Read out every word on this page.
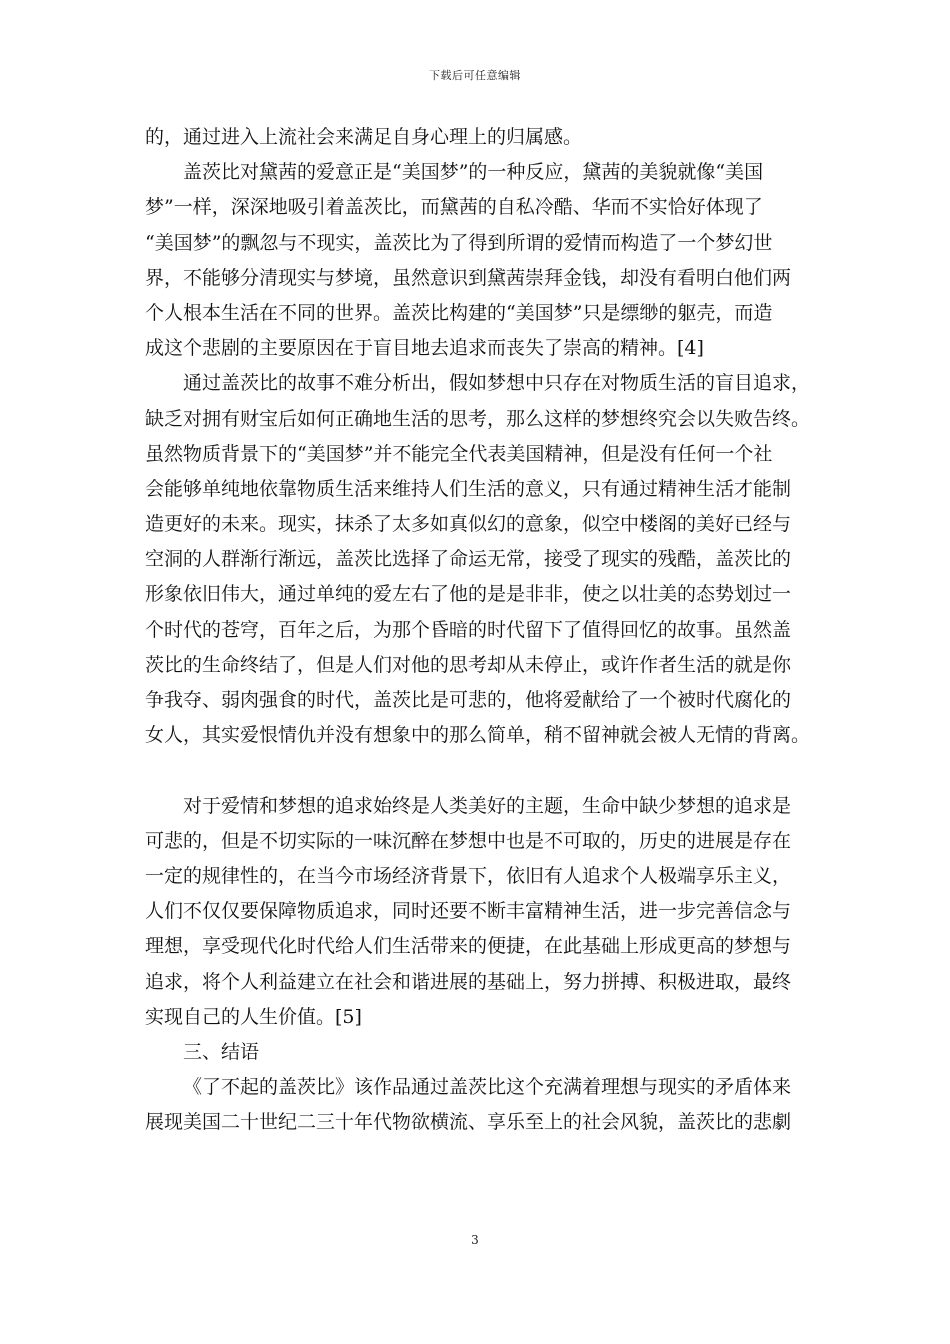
下载后可任意编辑
的，通过进入上流社会来满足自身心理上的归属感。
盖茨比对黛茜的爱意正是“美国梦”的一种反应，黛茜的美貌就像“美国
梦”一样，深深地吸引着盖茨比，而黛茜的自私冷酷、华而不实恰好体现了
“美国梦”的飘忽与不现实，盖茨比为了得到所谓的爱情而构造了一个梦幻世
界，不能够分清现实与梦境，虽然意识到黛茜崇拜金钱，却没有看明白他们两
个人根本生活在不同的世界。盖茨比构建的“美国梦”只是缥缈的躯壳，而造
成这个悲剧的主要原因在于盲目地去追求而丧失了崇高的精神。[4]
通过盖茨比的故事不难分析出，假如梦想中只存在对物质生活的盲目追求，
缺乏对拥有财宝后如何正确地生活的思考，那么这样的梦想终究会以失败告终。
虽然物质背景下的“美国梦”并不能完全代表美国精神，但是没有任何一个社
会能够单纯地依靠物质生活来维持人们生活的意义，只有通过精神生活才能制
造更好的未来。现实，抹杀了太多如真似幻的意象，似空中楼阁的美好已经与
空洞的人群渐行渐远，盖茨比选择了命运无常，接受了现实的残酷，盖茨比的
形象依旧伟大，通过单纯的爱左右了他的是是非非，使之以壮美的态势划过一
个时代的苍穹，百年之后，为那个昏暗的时代留下了值得回忆的故事。虽然盖
茨比的生命终结了，但是人们对他的思考却从未停止，或许作者生活的就是你
争我夺、弱肉强食的时代，盖茨比是可悲的，他将爱献给了一个被时代腐化的
女人，其实爱恨情仇并没有想象中的那么简单，稍不留神就会被人无情的背离。
对于爱情和梦想的追求始终是人类美好的主题，生命中缺少梦想的追求是
可悲的，但是不切实际的一味沉醉在梦想中也是不可取的，历史的进展是存在
一定的规律性的，在当今市场经济背景下，依旧有人追求个人极端享乐主义，
人们不仅仅要保障物质追求，同时还要不断丰富精神生活，进一步完善信念与
理想，享受现代化时代给人们生活带来的便捷，在此基础上形成更高的梦想与
追求，将个人利益建立在社会和谐进展的基础上，努力拼搏、积极进取，最终
实现自己的人生价值。[5]
三、结语
《了不起的盖茨比》该作品通过盖茨比这个充满着理想与现实的矛盾体来
展现美国二十世纪二三十年代物欲横流、享乐至上的社会风貌，盖茨比的悲劇
3
